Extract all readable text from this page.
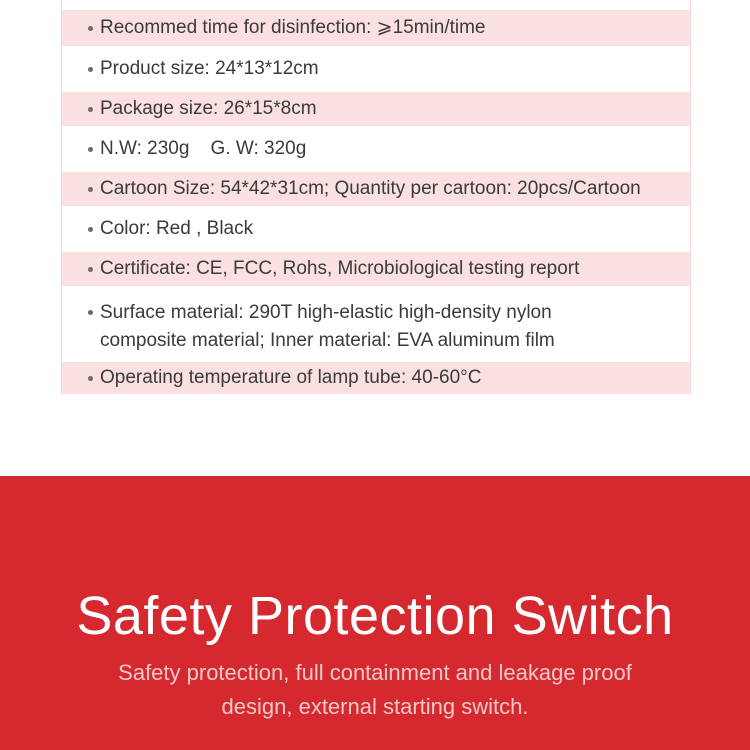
Recommed time for disinfection: ⩾15min/time
Product size: 24*13*12cm
Package size: 26*15*8cm
N.W: 230g    G. W: 320g
Cartoon Size: 54*42*31cm; Quantity per cartoon: 20pcs/Cartoon
Color: Red , Black
Certificate: CE, FCC, Rohs, Microbiological testing report
Surface material: 290T high-elastic high-density nylon composite material; Inner material: EVA aluminum film
Operating temperature of lamp tube: 40-60°C
Safety Protection Switch
Safety protection, full containment and leakage proof design, external starting switch.
